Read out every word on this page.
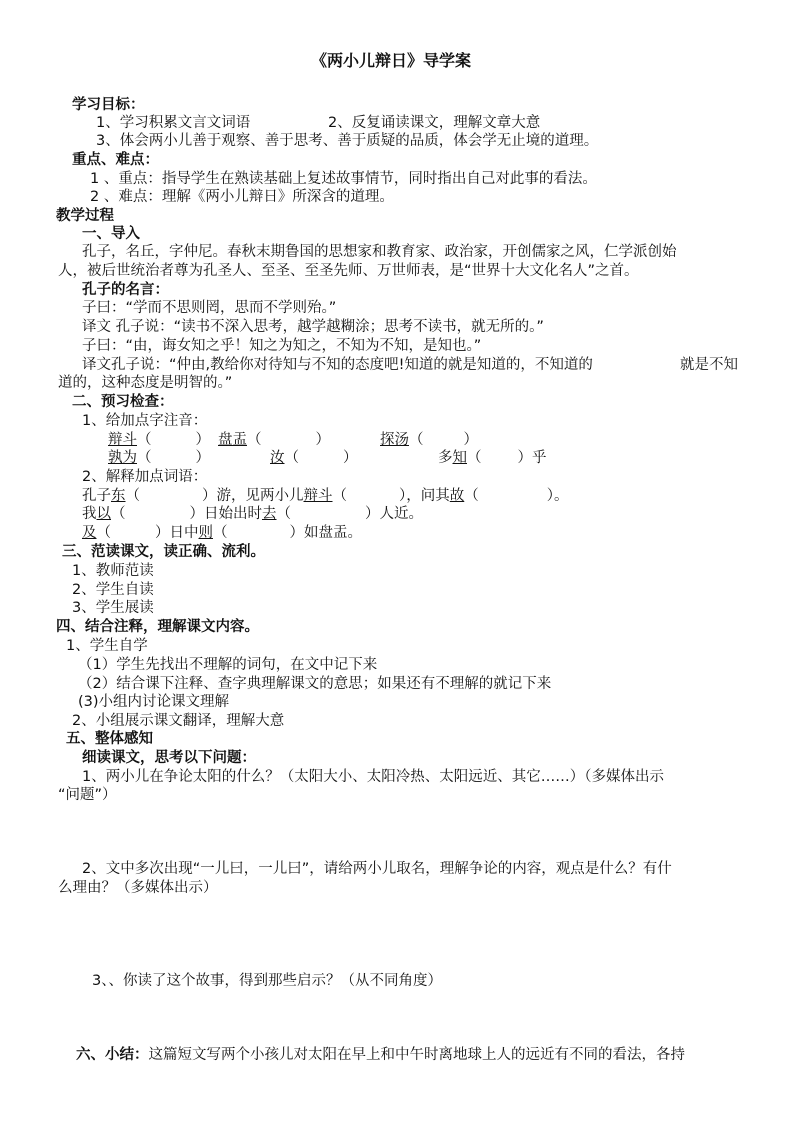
《两小儿辩日》导学案
学习目标：
1、学习积累文言文词语	2、反复诵读课文，理解文章大意
3、体会两小儿善于观察、善于思考、善于质疑的品质，体会学无止境的道理。
重点、难点：
1 、重点：指导学生在熟读基础上复述故事情节，同时指出自己对此事的看法。
2 、难点：理解《两小儿辩日》所深含的道理。
教学过程
一、导入
孔子，名丘，字仲尼。春秋末期鲁国的思想家和教育家、政治家，开创儒家之风，仁学派创始
人，被后世统治者尊为孔圣人、至圣、至圣先师、万世师表，是“世界十大文化名人”之首。
孔子的名言：
子曰：“学而不思则罔，思而不学则殆。”
译文 孔子说：“读书不深入思考，越学越糊涂；思考不读书，就无所的。”
子曰：“由，诲女知之乎！知之为知之，不知为不知，是知也。”
译文孔子说：“仲由,教给你对待知与不知的态度吧!知道的就是知道的，不知道的	就是不知
道的，这种态度是明智的。”
二、预习检查：
1、给加点字注音：
辩斗（	） 盘盂（	）	探汤（	）
孰为（	）	汝（	）	多知（ ）乎
2、解释加点词语：
孔子东（	）游，见两小儿辩斗（	），问其故（	）。
我以（	）日始出时去（	）人近。
及（	）日中则（	）如盘盂。
三、范读课文，读正确、流利。
1、教师范读
2、学生自读
3、学生展读
四、结合注释，理解课文内容。
1、学生自学
（1）学生先找出不理解的词句，在文中记下来
（2）结合课下注释、查字典理解课文的意思；如果还有不理解的就记下来
(3)小组内讨论课文理解
2、小组展示课文翻译，理解大意
五、整体感知
细读课文，思考以下问题：
1、两小儿在争论太阳的什么？（太阳大小、太阳冷热、太阳远近、其它……）（多媒体出示
“问题”）
2、文中多次出现“一儿曰，一儿曰”，请给两小儿取名，理解争论的内容，观点是什么？有什
么理由？（多媒体出示）
3、、你读了这个故事，得到那些启示？（从不同角度）
六、小结：这篇短文写两个小孩儿对太阳在早上和中午时离地球上人的远近有不同的看法，各持
